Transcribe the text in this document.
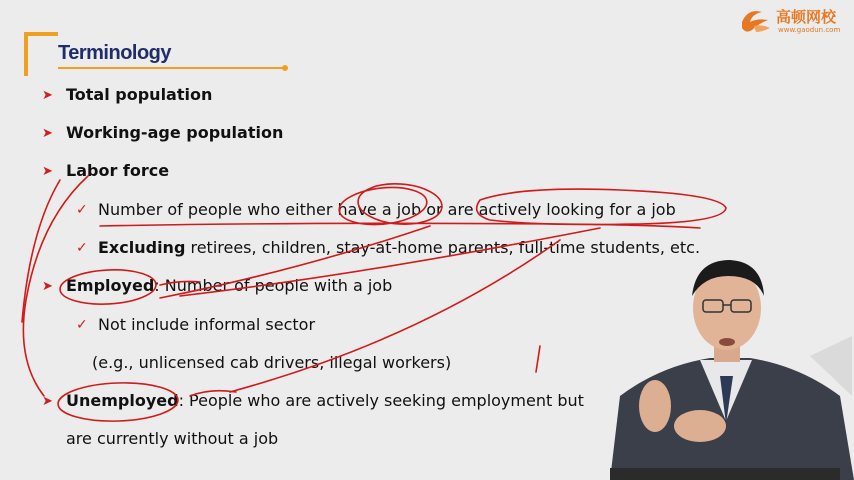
Terminology
高顿网校
www.gaodun.com
➤ Total population
➤ Working-age population
➤ Labor force
✓ Number of people who either have a job or are actively looking for a job
✓ Excluding retirees, children, stay-at-home parents, full-time students, etc.
➤ Employed: Number of people with a job
✓ Not include informal sector
(e.g., unlicensed cab drivers, illegal workers)
➤ Unemployed: People who are actively seeking employment but
are currently without a job
